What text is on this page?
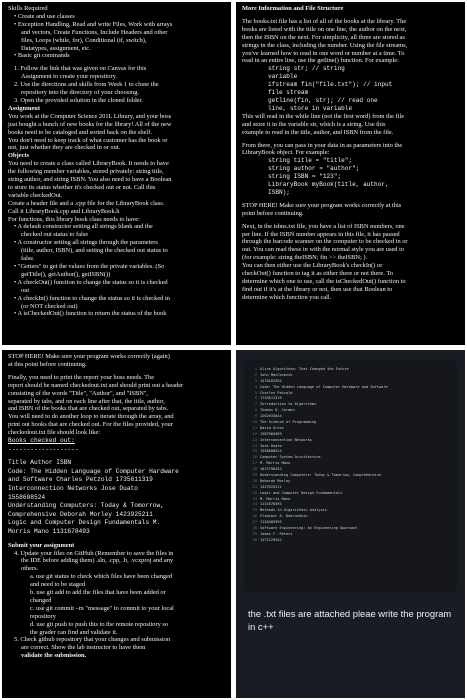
Skills Required
• Create and use classes
• Exception Handling, Read and write Files, Work with arrays
and vectors, Create Functions, Include Headers and other
files, Loops (while, for), Conditional (if, switch),
Datatypes, assignment, etc.
• Basic git commands
1. Follow the link that was given on Canvas for this
Assignment to create your repository.
2. Use the directions and skills from Week 1 to clone the
repository into the directory of your choosing.
3. Open the provided solution in the cloned folder.
Assignment
You work at the Computer Science 201L Library, and your boss
just bought a bunch of new books for the library! All of the new
books need to be cataloged and sorted back on the shelf.
You don't need to keep track of what customer has the book or
not, just whether they are checked in or out.
Objects
You need to create a class called LibraryBook. It needs to have
the following member variables, stored privately: string title,
string author, and string ISBN. You also need to have a Boolean
to store its status whether it's checked out or not. Call this
variable checkedOut.
Create a header file and a .cpp file for the LibraryBook class.
Call it LibraryBook.cpp and LibraryBook.h
For functions, this library book class needs to have:
• A default constructor setting all strings blank and the
checked out status to false
• A constructor setting all strings through the parameters
(title, author, ISBN), and setting the checked out status to
false.
• "Getters" to get the values from the private variables. (So
getTitle(), getAuthor(), getISBN())
• A checkOut() function to change the status so it is checked
out
• A checkIn() function to change the status so it is checked in
(or NOT checked out)
• A isCheckedOut() function to return the status of the book
More Information and File Structure
The books.txt file has a list of all of the books at the library. The
books are listed with the title on one line, the author on the next,
then the ISBN on the next. For simplicity, all three are stored as
strings in the class, including the number. Using the file streams,
you've learned how to read in one word or number at a time. To
read in an entire line, use the getline() function. For example:
string str; // string
variable
ifstream fin("file.txt"); // input
file stream
getline(fin, str); // read one
line, store in variable
This will read in the while line (not the first word) from the file
and store it in the variable str, which is a string. Use this
example to read in the title, author, and ISBN from the file.
From there, you can pass in your data in as parameters into the
LibraryBook object. For example:
string title = "title";
string author = "author";
string ISBN = "123";
LibraryBook myBook(title, author,
ISBN);
STOP HERE! Make sure your program works correctly at this
point before continuing.
Next, in the isbns.txt file, you have a list of ISBN numbers, one
per line. If the ISBN number appears in this file, it has passed
through the barcode scanner on the computer to be checked in or
out. You can read these in with the normal style you are used to
(for example: string theISBN; fin >> theISBN; ).
You can then either use the LibraryBook's checkIn() or
checkOut() function to tag it as either there or not there. To
determine which one to use, call the isCheckedOut() function to
find out if it's at the library or not, then use that Boolean to
determine which function you call.
STOP HERE! Make sure your program works correctly (again)
at this point before continuing.
Finally, you need to print the report your boss needs. The
report should be named checkedout.txt and should print out a header
consisting of the words "Title", "Author", and "ISBN",
separated by tabs, and on each line after that, the title, author,
and ISBN of the books that are checked out, separated by tabs.
You will need to do another loop to iterate through the array, and
print out books that are checked out. For the files provided, your
checkedout.txt file should look like:
Books checked out:
-------------------
Title Author ISBN
Code: The Hidden Language of Computer Hardware
and Software Charles Petzold 1735611319
Interconnection Networks Jose Duato
1558608524
Understanding Computers: Today & Tomorrow,
Comprehensive Deborah Morley 1423925211
Logic and Computer Design Fundamentals M.
Morris Mano 1131678493
Submit your assignment
4. Update your files on GitHub (Remember to save the files in
the IDE before adding them) .sln, .cpp, .h, .vcxproj and any
others.
a. use git status to check which files have been changed
and need to be staged
b. use git add to add the files that have been added or
changed
c. use git commit –m "message" to commit to your local
repository
d. use git push to push this to the remote repository so
the grader can find and validate it.
5. Check github repository that your changes and submission
are correct. Show the lab instructor to have them
validate the submission.
1 Alice Algorithms: That Changed the Future
2 John MacCormick
3 1470162594
4 Code: The Hidden Language of Computer Hardware and Software
5 Charles Petzold
6 1735611319
7 Introduction to Algorithms
8 Thomas H. Cormen
9 1262033844
10 The Science of Programming
11 David Gries
12 1387960309
13 Interconnection Networks
14 Jose Duato
15 1558608524
16 Computer System Architecture
17 M. Morris Mano
18 1013798433
19 Understanding Computers: Today & Tomorrow, Comprehensive
20 Deborah Morley
21 1423925211
22 Logic and Computer Design Fundamentals
23 M. Morris Mano
24 1131678493
25 Methods in Algorithmic Analysis
26 Vladimir A. Dobrushkin
27 1120405395
28 Software Engineering: An Engineering Approach
29 James F. Peters
30 1471229442
the .txt files are attached pleae write the program in c++
